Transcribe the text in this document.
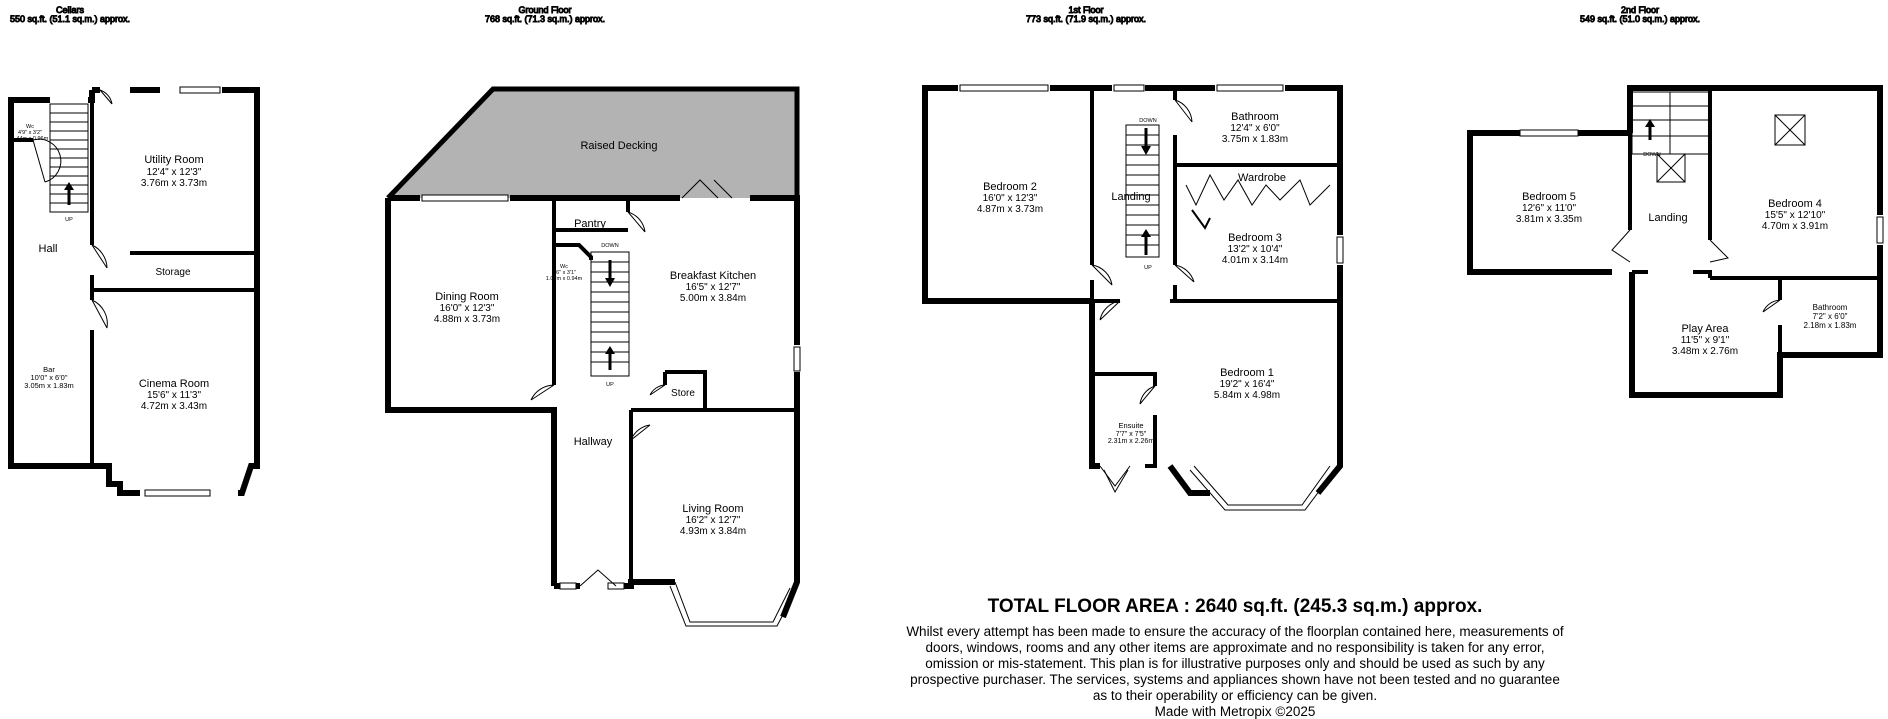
Cellars
550 sq.ft. (51.1 sq.m.) approx.
Wc
4'9" x 3'2"
1.44m x 0.96m
UP
Hall
Storage
Utility Room
12'4" x 12'3"
3.76m x 3.73m
Cinema Room
15'6" x 11'3"
4.72m x 3.43m
Bar
10'0" x 6'0"
3.05m x 1.83m
Ground Floor
768 sq.ft. (71.3 sq.m.) approx.
Raised Decking
Pantry
DOWN
UP
Wc
3'6" x 3'1"
1.07m x 0.94m
Dining Room
16'0" x 12'3"
4.88m x 3.73m
Breakfast Kitchen
16'5" x 12'7"
5.00m x 3.84m
Store
Hallway
Living Room
16'2" x 12'7"
4.93m x 3.84m
1st Floor
773 sq.ft. (71.9 sq.m.) approx.
Bedroom 2
16'0" x 12'3"
4.87m x 3.73m
DOWN
UP
Landing
Bathroom
12'4" x 6'0"
3.75m x 1.83m
Wardrobe
Bedroom 3
13'2" x 10'4"
4.01m x 3.14m
Bedroom 1
19'2" x 16'4"
5.84m x 4.98m
Ensuite
7'7" x 7'5"
2.31m x 2.26m
2nd Floor
549 sq.ft. (51.0 sq.m.) approx.
Bedroom 5
12'6" x 11'0"
3.81m x 3.35m
DOWN
Landing
Bedroom 4
15'5" x 12'10"
4.70m x 3.91m
Play Area
11'5" x 9'1"
3.48m x 2.76m
Bathroom
7'2" x 6'0"
2.18m x 1.83m
TOTAL FLOOR AREA : 2640 sq.ft. (245.3 sq.m.) approx.
Whilst every attempt has been made to ensure the accuracy of the floorplan contained here, measurements of doors, windows, rooms and any other items are approximate and no responsibility is taken for any error, omission or mis-statement. This plan is for illustrative purposes only and should be used as such by any prospective purchaser. The services, systems and appliances shown have not been tested and no guarantee as to their operability or efficiency can be given.
Made with Metropix ©2025
